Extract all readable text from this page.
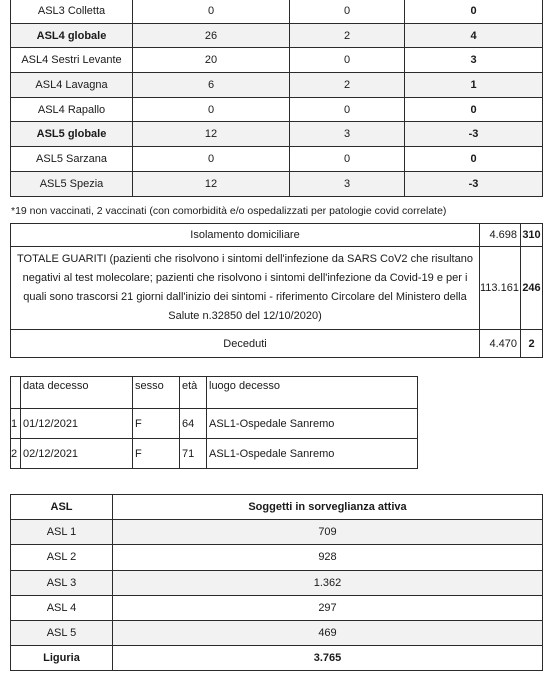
ASL3 Colletta	0	0	0
ASL4 globale	26	2	4
ASL4 Sestri Levante	20	0	3
ASL4 Lavagna	6	2	1
ASL4 Rapallo	0	0	0
ASL5 globale	12	3	-3
ASL5 Sarzana	0	0	0
ASL5 Spezia	12	3	-3
*19 non vaccinati, 2 vaccinati (con comorbidità e/o ospedalizzati per patologie covid correlate)
Isolamento domiciliare	4.698	310
TOTALE GUARITI (pazienti che risolvono i sintomi dell'infezione da SARS CoV2 che risultano negativi al test molecolare; pazienti che risolvono i sintomi dell'infezione da Covid-19 e per i quali sono trascorsi 21 giorni dall'inizio dei sintomi - riferimento Circolare del Ministero della Salute n.32850 del 12/10/2020)	113.161	246
Deceduti	4.470	2
	data decesso	sesso	età	luogo decesso
1	01/12/2021	F	64	ASL1-Ospedale Sanremo
2	02/12/2021	F	71	ASL1-Ospedale Sanremo
ASL	Soggetti in sorveglianza attiva
ASL 1	709
ASL 2	928
ASL 3	1.362
ASL 4	297
ASL 5	469
Liguria	3.765
